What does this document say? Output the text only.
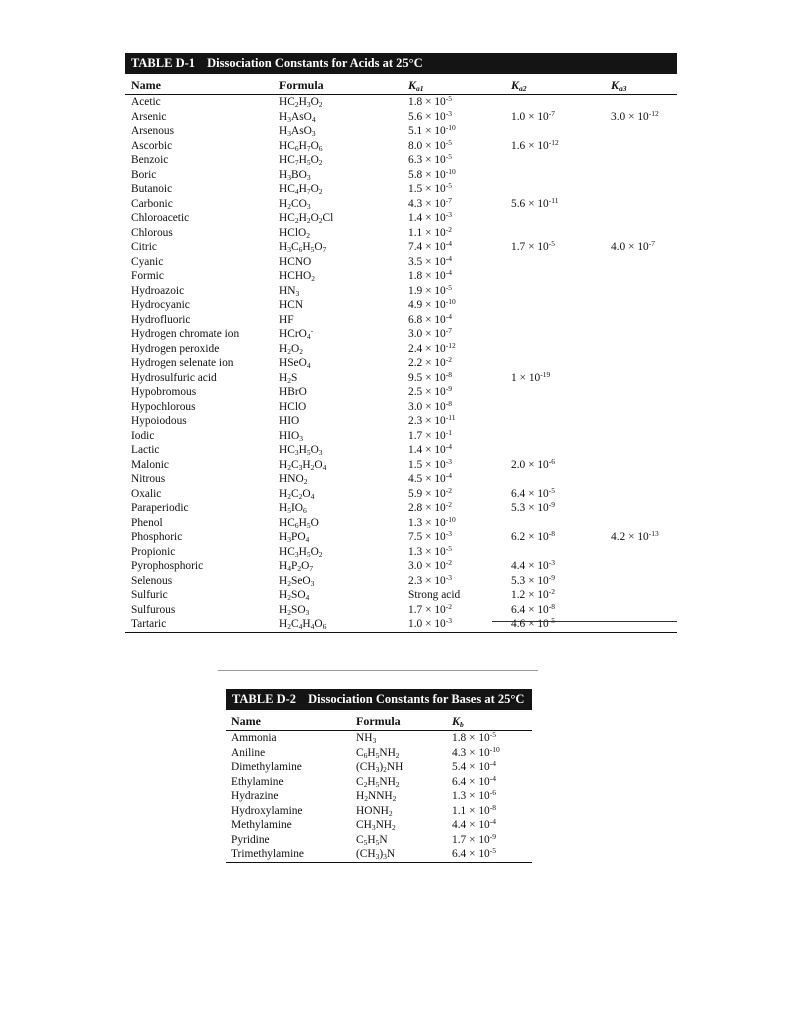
TABLE D-1 Dissociation Constants for Acids at 25°C
Name	Formula	$K_{a1}$	$K_{a2}$	$K_{a3}$
Acetic	$HC_2H_3O_2$	$1.8 \times 10^{-5}$
Arsenic	$H_3AsO_4$	$5.6 \times 10^{-3}$	$1.0 \times 10^{-7}$	$3.0 \times 10^{-12}$
Arsenous	$H_3AsO_3$	$5.1 \times 10^{-10}$
Ascorbic	$HC_6H_7O_6$	$8.0 \times 10^{-5}$	$1.6 \times 10^{-12}$
Benzoic	$HC_7H_5O_2$	$6.3 \times 10^{-5}$
Boric	$H_3BO_3$	$5.8 \times 10^{-10}$
Butanoic	$HC_4H_7O_2$	$1.5 \times 10^{-5}$
Carbonic	$H_2CO_3$	$4.3 \times 10^{-7}$	$5.6 \times 10^{-11}$
Chloroacetic	$HC_2H_2O_2Cl$	$1.4 \times 10^{-3}$
Chlorous	HClO$_2$	$1.1 \times 10^{-2}$
Citric	$H_3C_6H_5O_7$	$7.4 \times 10^{-4}$	$1.7 \times 10^{-5}$	$4.0 \times 10^{-7}$
Cyanic	HCNO	$3.5 \times 10^{-4}$
Formic	$HCHO_2$	$1.8 \times 10^{-4}$
Hydroazoic	$HN_3$	$1.9 \times 10^{-5}$
Hydrocyanic	HCN	$4.9 \times 10^{-10}$
Hydrofluoric	HF	$6.8 \times 10^{-4}$
Hydrogen chromate ion	HCrO$_4$-	$3.0 \times 10^{-7}$
Hydrogen peroxide	$H_2O_2$	$2.4 \times 10^{-12}$
Hydrogen selenate ion	HSeO$_4$	$2.2 \times 10^{-2}$
Hydrosulfuric acid	$H_2S$	$9.5 \times 10^{-8}$	$1 \times 10^{-19}$
Hypobromous	HBrO	$2.5 \times 10^{-9}$
Hypochlorous	HClO	$3.0 \times 10^{-8}$
Hypoiodous	HIO	$2.3 \times 10^{-11}$
Iodic	$HIO_3$	$1.7 \times 10^{-1}$
Lactic	$HC_3H_5O_3$	$1.4 \times 10^{-4}$
Malonic	$H_2C_3H_2O_4$	$1.5 \times 10^{-3}$	$2.0 \times 10^{-6}$
Nitrous	$HNO_2$	$4.5 \times 10^{-4}$
Oxalic	$H_2C_2O_4$	$5.9 \times 10^{-2}$	$6.4 \times 10^{-5}$
Paraperiodic	$H_5IO_6$	$2.8 \times 10^{-2}$	$5.3 \times 10^{-9}$
Phenol	$HC_6H_5O$	$1.3 \times 10^{-10}$
Phosphoric	$H_3PO_4$	$7.5 \times 10^{-3}$	$6.2 \times 10^{-8}$	$4.2 \times 10^{-13}$
Propionic	$HC_3H_5O_2$	$1.3 \times 10^{-5}$
Pyrophosphoric	$H_4P_2O_7$	$3.0 \times 10^{-2}$	$4.4 \times 10^{-3}$
Selenous	$H_2SeO_3$	$2.3 \times 10^{-3}$	$5.3 \times 10^{-9}$
Sulfuric	$H_2SO_4$	Strong acid	$1.2 \times 10^{-2}$
Sulfurous	$H_2SO_3$	$1.7 \times 10^{-2}$	$6.4 \times 10^{-8}$
Tartaric	$H_2C_4H_4O_6$	$1.0 \times 10^{-3}$	$4.6 \times 10^{-5}$
TABLE D-2 Dissociation Constants for Bases at 25°C
Name	Formula	$K_b$
Ammonia	$NH_3$	$1.8 \times 10^{-5}$
Aniline	$C_6H_5NH_2$	$4.3 \times 10^{-10}$
Dimethylamine	$(CH_3)_2NH$	$5.4 \times 10^{-4}$
Ethylamine	$C_2H_5NH_2$	$6.4 \times 10^{-4}$
Hydrazine	$H_2NNH_2$	$1.3 \times 10^{-6}$
Hydroxylamine	$HONH_2$	$1.1 \times 10^{-8}$
Methylamine	$CH_3NH_2$	$4.4 \times 10^{-4}$
Pyridine	$C_5H_5N$	$1.7 \times 10^{-9}$
Trimethylamine	$(CH_3)_3N$	$6.4 \times 10^{-5}$
